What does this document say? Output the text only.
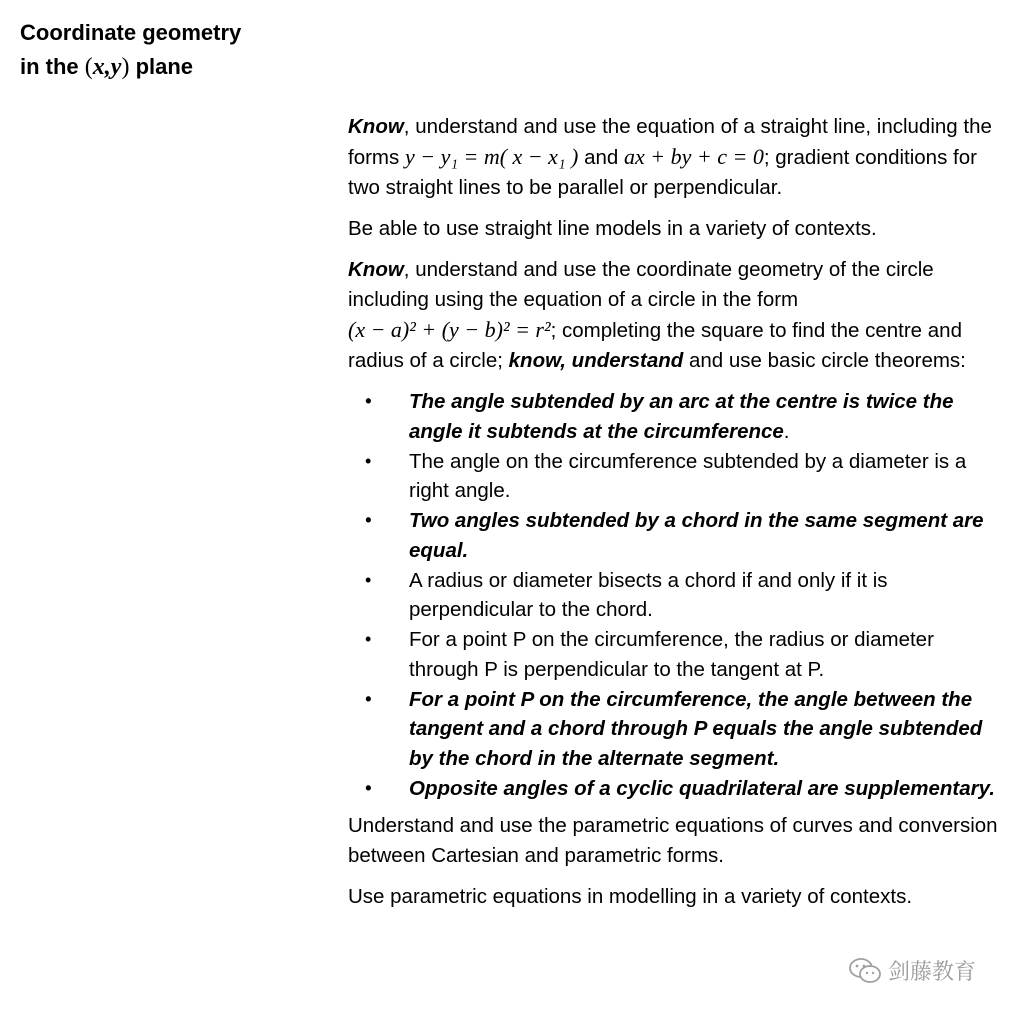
Coordinate geometry
in the (x,y) plane

Know, understand and use the equation of a straight line, including the forms y − y₁ = m( x − x₁ ) and ax + by + c = 0; gradient conditions for two straight lines to be parallel or perpendicular.

Be able to use straight line models in a variety of contexts.

Know, understand and use the coordinate geometry of the circle including using the equation of a circle in the form
(x − a)² + (y − b)² = r²; completing the square to find the centre and radius of a circle; know, understand and use basic circle theorems:

• The angle subtended by an arc at the centre is twice the angle it subtends at the circumference.
• The angle on the circumference subtended by a diameter is a right angle.
• Two angles subtended by a chord in the same segment are equal.
• A radius or diameter bisects a chord if and only if it is perpendicular to the chord.
• For a point P on the circumference, the radius or diameter through P is perpendicular to the tangent at P.
• For a point P on the circumference, the angle between the tangent and a chord through P equals the angle subtended by the chord in the alternate segment.
• Opposite angles of a cyclic quadrilateral are supplementary.

Understand and use the parametric equations of curves and conversion between Cartesian and parametric forms.

Use parametric equations in modelling in a variety of contexts.

剑藤教育
